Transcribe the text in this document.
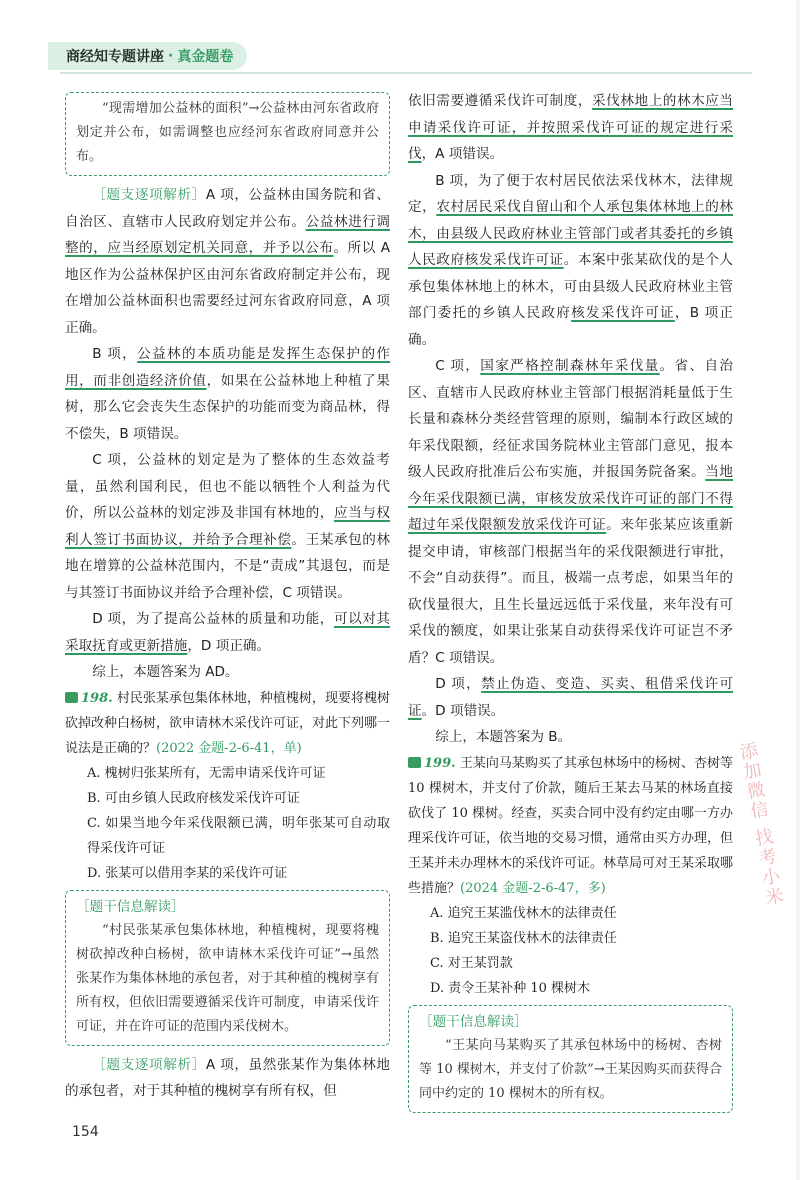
商经知专题讲座 · 真金题卷

“现需增加公益林的面积”→公益林由河东省政府划定并公布，如需调整也应经河东省政府同意并公布。

［题支逐项解析］A 项，公益林由国务院和省、自治区、直辖市人民政府划定并公布。公益林进行调整的，应当经原划定机关同意，并予以公布。所以 A 地区作为公益林保护区由河东省政府制定并公布，现在增加公益林面积也需要经过河东省政府同意，A 项正确。

B 项，公益林的本质功能是发挥生态保护的作用，而非创造经济价值，如果在公益林地上种植了果树，那么它会丧失生态保护的功能而变为商品林，得不偿失，B 项错误。

C 项，公益林的划定是为了整体的生态效益考量，虽然利国利民，但也不能以牺牲个人利益为代价，所以公益林的划定涉及非国有林地的，应当与权利人签订书面协议，并给予合理补偿。王某承包的林地在增算的公益林范围内，不是“责成”其退包，而是与其签订书面协议并给予合理补偿，C 项错误。

D 项，为了提高公益林的质量和功能，可以对其采取抚育或更新措施，D 项正确。

综上，本题答案为 AD。

198. 村民张某承包集体林地，种植槐树，现要将槐树砍掉改种白杨树，欲申请林木采伐许可证，对此下列哪一说法是正确的？(2022 金题-2-6-41，单)

A. 槐树归张某所有，无需申请采伐许可证

B. 可由乡镇人民政府核发采伐许可证

C. 如果当地今年采伐限额已满，明年张某可自动取得采伐许可证

D. 张某可以借用李某的采伐许可证

［题干信息解读］

“村民张某承包集体林地，种植槐树，现要将槐树砍掉改种白杨树，欲申请林木采伐许可证”→虽然张某作为集体林地的承包者，对于其种植的槐树享有所有权，但依旧需要遵循采伐许可制度，申请采伐许可证，并在许可证的范围内采伐树木。

［题支逐项解析］A 项，虽然张某作为集体林地的承包者，对于其种植的槐树享有所有权，但

依旧需要遵循采伐许可制度，采伐林地上的林木应当申请采伐许可证，并按照采伐许可证的规定进行采伐，A 项错误。

B 项，为了便于农村居民依法采伐林木，法律规定，农村居民采伐自留山和个人承包集体林地上的林木，由县级人民政府林业主管部门或者其委托的乡镇人民政府核发采伐许可证。本案中张某砍伐的是个人承包集体林地上的林木，可由县级人民政府林业主管部门委托的乡镇人民政府核发采伐许可证，B 项正确。

C 项，国家严格控制森林年采伐量。省、自治区、直辖市人民政府林业主管部门根据消耗量低于生长量和森林分类经营管理的原则，编制本行政区域的年采伐限额，经征求国务院林业主管部门意见，报本级人民政府批准后公布实施，并报国务院备案。当地今年采伐限额已满，审核发放采伐许可证的部门不得超过年采伐限额发放采伐许可证。来年张某应该重新提交申请，审核部门根据当年的采伐限额进行审批，不会“自动获得”。而且，极端一点考虑，如果当年的砍伐量很大，且生长量远远低于采伐量，来年没有可采伐的额度，如果让张某自动获得采伐许可证岂不矛盾？C 项错误。

D 项，禁止伪造、变造、买卖、租借采伐许可证。D 项错误。

综上，本题答案为 B。

199. 王某向马某购买了其承包林场中的杨树、杏树等 10 棵树木，并支付了价款，随后王某去马某的林场直接砍伐了 10 棵树。经查，买卖合同中没有约定由哪一方办理采伐许可证，依当地的交易习惯，通常由买方办理，但王某并未办理林木的采伐许可证。林草局可对王某采取哪些措施？(2024 金题-2-6-47，多)

A. 追究王某滥伐林木的法律责任

B. 追究王某盗伐林木的法律责任

C. 对王某罚款

D. 责令王某补种 10 棵树木

［题干信息解读］

“王某向马某购买了其承包林场中的杨树、杏树等 10 棵树木，并支付了价款”→王某因购买而获得合同中约定的 10 棵树木的所有权。

154
添加微信 找考小米
